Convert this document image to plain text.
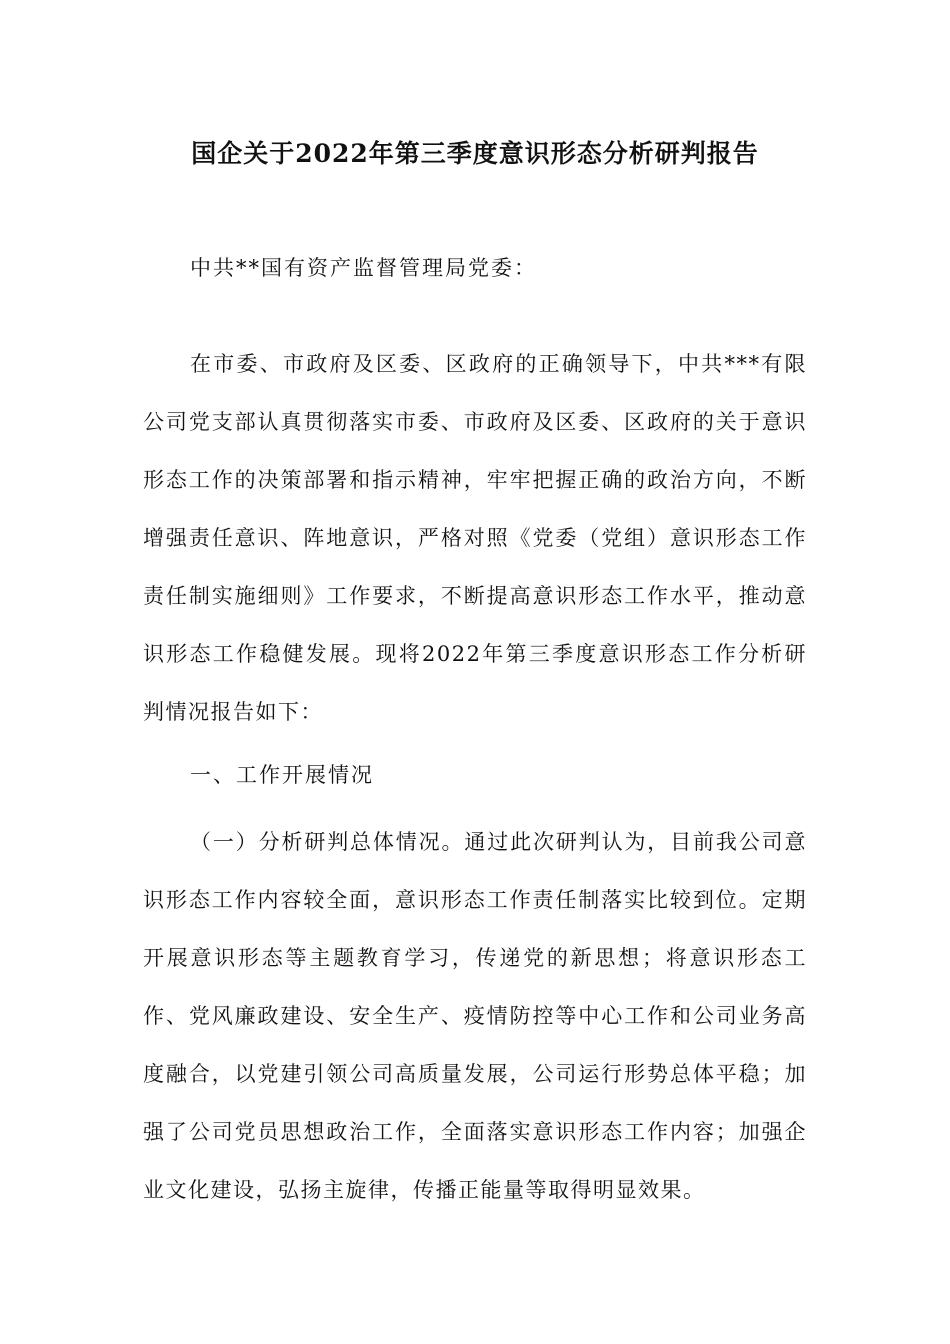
国企关于2022年第三季度意识形态分析研判报告

中共**国有资产监督管理局党委：

在市委、市政府及区委、区政府的正确领导下，中共***有限公司党支部认真贯彻落实市委、市政府及区委、区政府的关于意识形态工作的决策部署和指示精神，牢牢把握正确的政治方向，不断增强责任意识、阵地意识，严格对照《党委（党组）意识形态工作责任制实施细则》工作要求，不断提高意识形态工作水平，推动意识形态工作稳健发展。现将2022年第三季度意识形态工作分析研判情况报告如下：

一、工作开展情况

（一）分析研判总体情况。通过此次研判认为，目前我公司意识形态工作内容较全面，意识形态工作责任制落实比较到位。定期开展意识形态等主题教育学习，传递党的新思想；将意识形态工作、党风廉政建设、安全生产、疫情防控等中心工作和公司业务高度融合，以党建引领公司高质量发展，公司运行形势总体平稳；加强了公司党员思想政治工作，全面落实意识形态工作内容；加强企业文化建设，弘扬主旋律，传播正能量等取得明显效果。
